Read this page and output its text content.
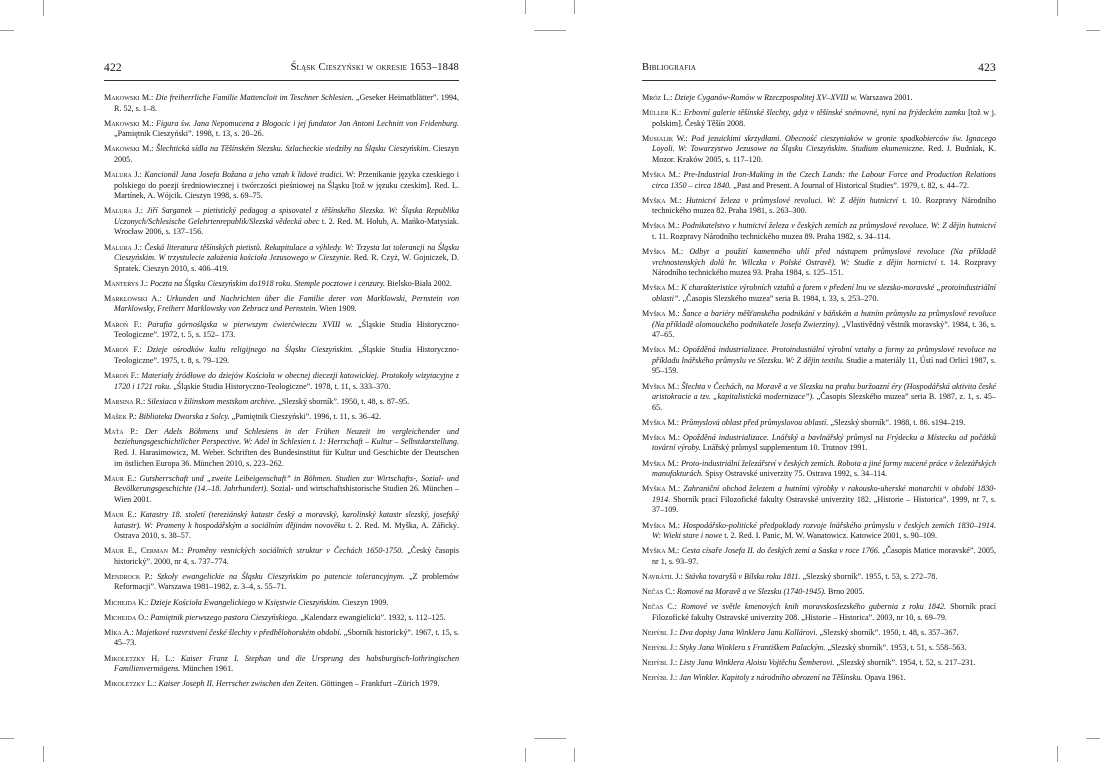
422	Śląsk Cieszyński w okresie 1653–1848

Makowski M.: Die freiherrliche Familie Mattencloit im Teschner Schlesien. „Geseker Heimatblätter”. 1994, R. 52, s. 1–8.

Makowski M.: Figura św. Jana Nepomucena z Błogocic i jej fundator Jan Antoni Lechnitt von Fridenburg. „Pamiętnik Cieszyński”. 1998, t. 13, s. 20–26.

Makowski M.: Šlechtická sídla na Těšínském Slezsku. Szlacheckie siedziby na Śląsku Cieszyńskim. Cieszyn 2005.

Malura J.: Kancionál Jana Josefa Božana a jeho vztah k lidové tradici. W: Przenikanie języka czeskiego i polskiego do poezji średniowiecznej i twórczości pieśniowej na Śląsku [tož w jęzuku czeskim]. Red. L. Martínek, A. Wójcik. Cieszyn 1998, s. 69–75.

Malura J.: Jiří Sarganek – pietistický pedagog a spisovatel z těšínského Slezska. W: Śląska Republika Uczonych/Schlesische Gelehrtenrepublik/Slezská vědecká obec t. 2. Red. M. Hołub, A. Mańko-Matysiak. Wrocław 2006, s. 137–156.

Malura J.: Česká literatura těšínských pietistů. Rekapitulace a výhledy. W: Trzysta lat tolerancji na Śląsku Cieszyńskim. W trzystulecie założenia kościoła Jezusowego w Cieszynie. Red. R. Czyż, W. Gojniczek, D. Spratek. Cieszyn 2010, s. 406–419.

Manterys J.: Poczta na Śląsku Cieszyńskim do1918 roku. Stemple pocztowe i cenzury. Bielsko-Biała 2002.

Marklowski A.: Urkunden und Nachrichten über die Familie derer von Marklowski, Pernstein von Marklowsky, Freiherr Marklowsky von Zebracz und Pernstein. Wien 1909.

Maroń F.: Parafia górnośląska w pierwszym ćwierćwieczu XVIII w. „Śląskie Studia Historyczno-Teologiczne”. 1972, t. 5, s. 152– 173.

Maroń F.: Dzieje ośrodków kultu religijnego na Śląsku Cieszyńskim. „Śląskie Studia Historyczno-Teologiczne”. 1975, t. 8, s. 79–129.

Maroń F.: Materiały źródłowe do dziejów Kościoła w obecnej diecezji katowickiej. Protokoły wizytacyjne z 1720 i 1721 roku. „Śląskie Studia Historyczno-Teologiczne”. 1978, t. 11, s. 333–370.

Marsina R.: Silesiaca v žilinskom mestskom archive. „Slezský sborník”. 1950, t. 48, s. 87–95.

Mašek P.: Biblioteka Dworska z Solcy. „Pamiętnik Cieszyński”. 1996, t. 11, s. 36–42.

Maťa P.: Der Adels Böhmens und Schlesiens in der Frühen Neuzeit im vergleichender und beziehungsgeschichtlicher Perspective. W: Adel in Schlesien t. 1: Herrschaft – Kultur – Selbstdarstellung. Red. J. Harasimowicz, M. Weber. Schriften des Bundesinstitut für Kultur und Geschichte der Deutschen im östlichen Europa 36. München 2010, s. 223–262.

Maur E.: Gutsherrschaft und „zweite Leibeigenschaft” in Böhmen. Studien zur Wirtschafts-, Sozial- und Bevölkerungsgeschichte (14.–18. Jahrhundert). Sozial- und wirtschaftshistorische Studien 26. München – Wien 2001.

Maur E.: Katastry 18. století (tereziánský katastr český a moravský, karolinský katastr slezský, josefský katastr). W: Prameny k hospodářským a sociálním dějinám novověku t. 2. Red. M. Myška, A. Zářický. Ostrava 2010, s. 38–57.

Maur E., Cerman M.: Proměny vesnických sociálních struktur v Čechách 1650-1750. „Český časopis historický”. 2000, nr 4, s. 737–774.

Mendrock P.: Szkoły ewangelickie na Śląsku Cieszyńskim po patencie tolerancyjnym. „Z problemów Reformacji”. Warszawa 1981–1982, z. 3–4, s. 55–71.

Michejda K.: Dzieje Kościoła Ewangelickiego w Księstwie Cieszyńskim. Cieszyn 1909.

Michejda O.: Pamiętnik pierwszego pastora Cieszyńskiego. „Kalendarz ewangielicki”. 1932, s. 112–125.

Míka A.: Majetkové rozvrstvení české šlechty v předbělohorském období. „Sborník historický”. 1967, t. 15, s. 45–73.

Mikoletzky H. L.: Kaiser Franz I. Stephan und die Ursprung des habsburgisch-lothringischen Familienvermögens. München 1961.

Mikoletzky L.: Kaiser Joseph II. Herrscher zwischen den Zeiten. Göttingen – Frankfurt –Zürich 1979.

Bibliografia	423

Mróz L.: Dzieje Cyganów-Romów w Rzeczpospolitej XV–XVIII w. Warszawa 2001.

Müller K.: Erbovní galerie těšínské šlechty, gdyż v těšínské snémovné, nyní na frýdeckém zamku [tož w j. polskim]. Český Těšín 2008.

Musialik W.: Pod jezuickimi skrzydłami. Obecność cieszyniaków w gronie spadkobierców św. Ignacego Loyoli. W: Towarzystwo Jezusowe na Śląsku Cieszyńskim. Studium ekumeniczne. Red. J. Budniak, K. Mozor. Kraków 2005, s. 117–120.

Myška M.: Pre-Industrial Iron-Making in the Czech Lands: the Labour Force and Production Relations circa 1350 – circa 1840. „Past and Present. A Journal of Historical Studies”. 1979, t. 82, s. 44–72.

Myška M.: Hutnictví železa v průmyslové revoluci. W: Z dějin hutnictví t. 10. Rozpravy Národního technického muzea 82. Praha 1981, s. 263–300.

Myška M.: Podnikatelstvo v hutnictví železa v českých zemích za průmyslové revoluce. W: Z dějin hutnictví t. 11. Rozpravy Národního technického muzea 89. Praha 1982, s. 34–114.

Myška M.: Odbyt a použití kamenného uhlí před nástupem průmyslové revoluce (Na příkladě vrchnostenských dolů hr. Wilczka v Polské Ostravě). W: Studie z dějin hornictví t. 14. Rozpravy Národního technického muzea 93. Praha 1984, s. 125–151.

Myška M.: K charakteristice výrobních vztahů a forem v předení lnu ve slezsko-moravské „protoindustriální oblasti”. „Časopis Slezského muzea” seria B. 1984, t. 33, s. 253–270.

Myška M.: Šance a bariéry měšťanského podnikání v báňském a hutním průmyslu za průmyslové revoluce (Na příkladě olomouckého podnikatele Josefa Zwierziny). „Vlastivědný věstník moravský”. 1984, t. 36, s. 47–65.

Myška M.: Opožděná industrializace. Protoindustiální výrobní vztahy a formy za průmyslové revoluce na příkladu lnářského průmyslu ve Slezsku. W: Z dějin textilu. Studie a materiály 11, Ústí nad Orlicí 1987, s. 95–159.

Myška M.: Šlechta v Čechách, na Moravě a ve Slezsku na prahu buržoazní éry (Hospodářská aktivita české aristokracie a tzv. „kapitalistická modernizace”). „Časopis Slezského muzea” seria B. 1987, z. 1, s. 45–65.

Myška M.: Průmyslová oblast před průmyslovou oblastí. „Slezský sborník”. 1988, t. 86. s194–219.

Myška M.: Opožděná industrializace. Lnářský a bavlnářský průmysl na Frýdecku a Místecku od počátků tovární výroby. Lnářský průmysl supplementum 10. Trutnov 1991.

Myška M.: Proto-industriální železářství v českých zemích. Robota a jiné formy nucené práce v železářských manufakturách. Spisy Ostravské univerzity 75. Ostrava 1992, s. 34–114.

Myška M.: Zahraniční obchod železem a hutními výrobky v rakousko-uherské monarchii v období 1830-1914. Sborník prací Filozofické fakulty Ostravské univerzity 182. „Historie – Historica”. 1999, nr 7, s. 37–109.

Myška M.: Hospodářsko-politické předpoklady rozvoje lnářského průmyslu v českých zemích 1830–1914. W: Wieki stare i nowe t. 2. Red. I. Panic, M. W. Wanatowicz. Katowice 2001, s. 90–109.

Myška M.: Cesta císaře Josefa II. do českých zemí a Saska v roce 1766. „Časopis Matice moravské”. 2005, nr 1, s. 93–97.

Navrátil J.: Stávka tovaryšů v Bílsku roku 1811. „Slezský sborník”. 1955, t. 53, s. 272–78.

Nečas C.: Romové na Moravě a ve Slezsku (1740-1945). Brno 2005.

Nečas C.: Romové ve světle kmenových knih moravskoslezského gubernia z roku 1842. Sborník prací Filozofické fakulty Ostravské univerzity 208. „Historie – Historica”. 2003, nr 10, s. 69–79.

Nehýbl J.: Dva dopisy Jana Winklera Janu Kollárovi. „Slezský sborník”. 1950, t. 48, s. 357–367.

Nehýbl J.: Styky Jana Winklera s Františkem Palackým. „Slezský sborník”. 1953, t. 51, s. 558–563.

Nehýbl J.: Listy Jana Winklera Aloisu Vojtěchu Šemberovi. „Slezský sborník”. 1954, t. 52, s. 217–231.

Nehýbl J.: Jan Winkler. Kapitoly z národního obrození na Těšínsku. Opava 1961.
